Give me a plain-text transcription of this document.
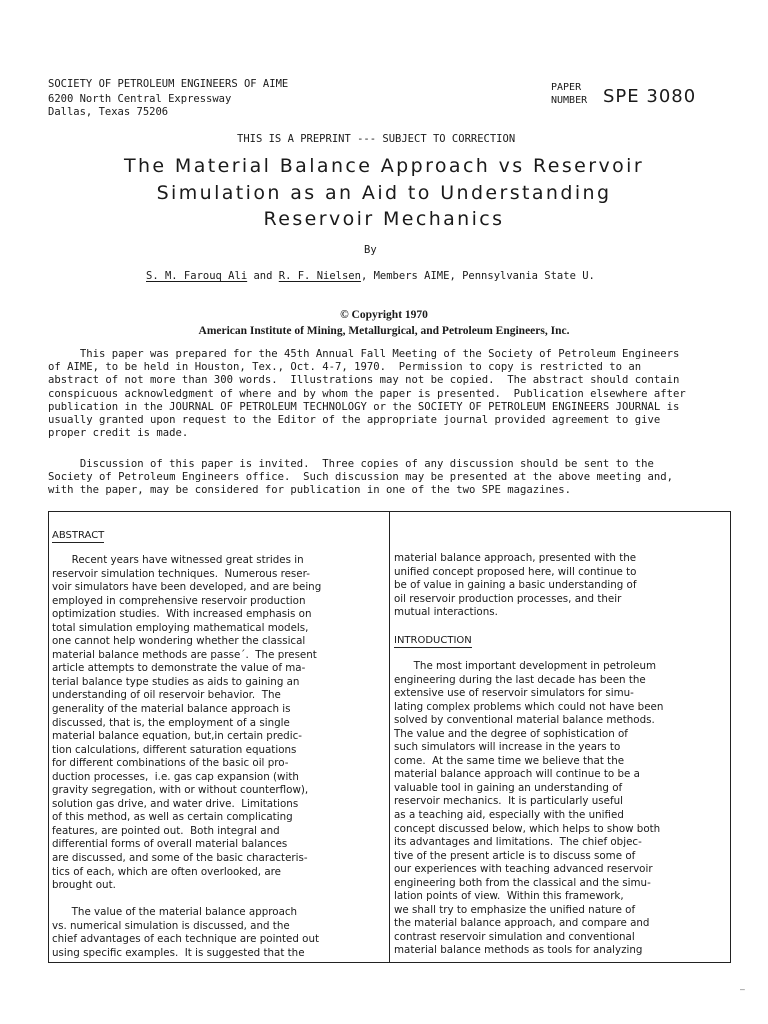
SOCIETY OF PETROLEUM ENGINEERS OF AIME
6200 North Central Expressway
Dallas, Texas 75206
PAPER
NUMBER SPE 3080
THIS IS A PREPRINT --- SUBJECT TO CORRECTION
The Material Balance Approach vs Reservoir
Simulation as an Aid to Understanding
Reservoir Mechanics
By
S. M. Farouq Ali and R. F. Nielsen, Members AIME, Pennsylvania State U.
© Copyright 1970
American Institute of Mining, Metallurgical, and Petroleum Engineers, Inc.
This paper was prepared for the 45th Annual Fall Meeting of the Society of Petroleum Engineers
of AIME, to be held in Houston, Tex., Oct. 4-7, 1970.  Permission to copy is restricted to an
abstract of not more than 300 words.  Illustrations may not be copied.  The abstract should contain
conspicuous acknowledgment of where and by whom the paper is presented.  Publication elsewhere after
publication in the JOURNAL OF PETROLEUM TECHNOLOGY or the SOCIETY OF PETROLEUM ENGINEERS JOURNAL is
usually granted upon request to the Editor of the appropriate journal provided agreement to give
proper credit is made.
Discussion of this paper is invited.  Three copies of any discussion should be sent to the
Society of Petroleum Engineers office.  Such discussion may be presented at the above meeting and,
with the paper, may be considered for publication in one of the two SPE magazines.
ABSTRACT
Recent years have witnessed great strides in
reservoir simulation techniques.  Numerous reser-
voir simulators have been developed, and are being
employed in comprehensive reservoir production
optimization studies.  With increased emphasis on
total simulation employing mathematical models,
one cannot help wondering whether the classical
material balance methods are passe´.  The present
article attempts to demonstrate the value of ma-
terial balance type studies as aids to gaining an
understanding of oil reservoir behavior.  The
generality of the material balance approach is
discussed, that is, the employment of a single
material balance equation, but,in certain predic-
tion calculations, different saturation equations
for different combinations of the basic oil pro-
duction processes,  i.e. gas cap expansion (with
gravity segregation, with or without counterflow),
solution gas drive, and water drive.  Limitations
of this method, as well as certain complicating
features, are pointed out.  Both integral and
differential forms of overall material balances
are discussed, and some of the basic characteris-
tics of each, which are often overlooked, are
brought out.

The value of the material balance approach
vs. numerical simulation is discussed, and the
chief advantages of each technique are pointed out
using specific examples.  It is suggested that the
material balance approach, presented with the
unified concept proposed here, will continue to
be of value in gaining a basic understanding of
oil reservoir production processes, and their
mutual interactions.
INTRODUCTION
The most important development in petroleum
engineering during the last decade has been the
extensive use of reservoir simulators for simu-
lating complex problems which could not have been
solved by conventional material balance methods.
The value and the degree of sophistication of
such simulators will increase in the years to
come.  At the same time we believe that the
material balance approach will continue to be a
valuable tool in gaining an understanding of
reservoir mechanics.  It is particularly useful
as a teaching aid, especially with the unified
concept discussed below, which helps to show both
its advantages and limitations.  The chief objec-
tive of the present article is to discuss some of
our experiences with teaching advanced reservoir
engineering both from the classical and the simu-
lation points of view.  Within this framework,
we shall try to emphasize the unified nature of
the material balance approach, and compare and
contrast reservoir simulation and conventional
material balance methods as tools for analyzing
—
